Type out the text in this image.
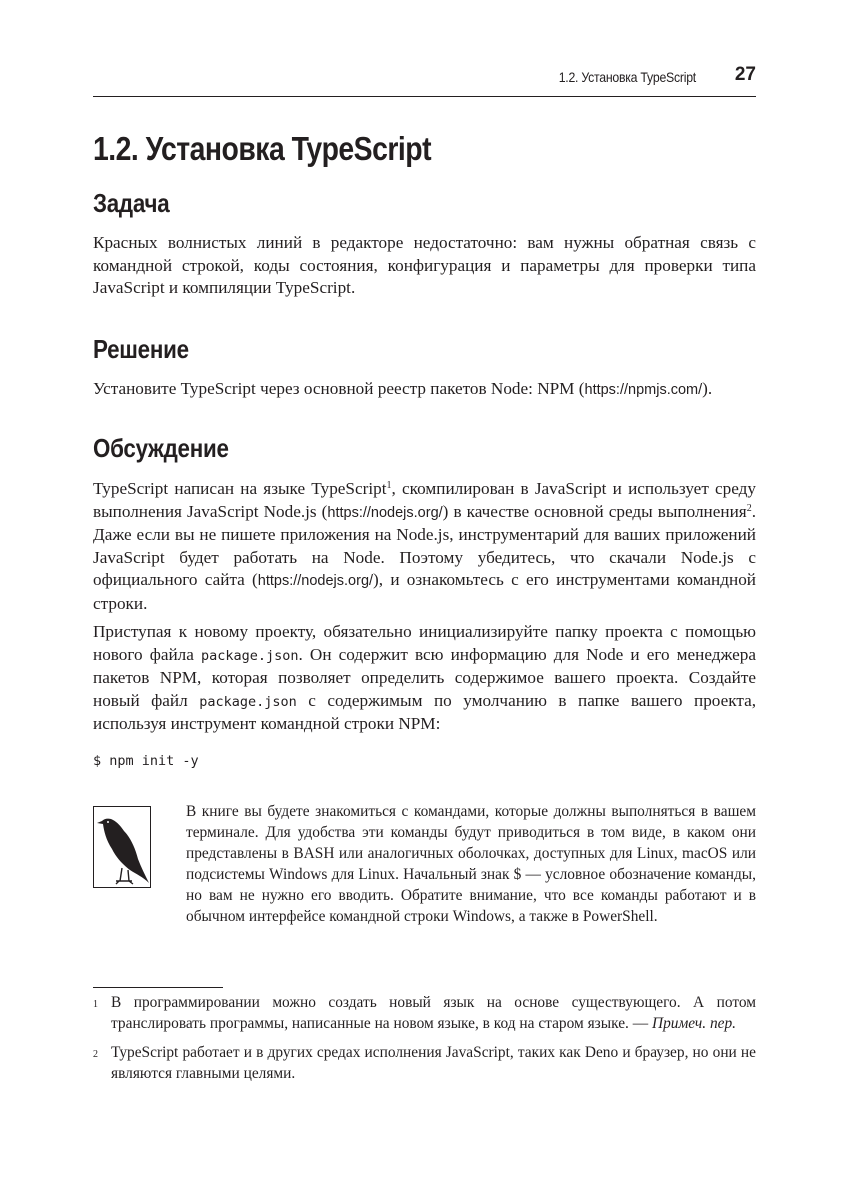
1.2. Установка TypeScript 27
1.2. Установка TypeScript
Задача

Красных волнистых линий в редакторе недостаточно: вам нужны обратная связь с командной строкой, коды состояния, конфигурация и параметры для проверки типа JavaScript и компиляции TypeScript.

Решение

Установите TypeScript через основной реестр пакетов Node: NPM (https://npmjs.com/).

Обсуждение

TypeScript написан на языке TypeScript$^1$, скомпилирован в JavaScript и использует среду выполнения JavaScript Node.js (https://nodejs.org/) в качестве основной среды выполнения$^2$. Даже если вы не пишете приложения на Node.js, инструментарий для ваших приложений JavaScript будет работать на Node. Поэтому убедитесь, что скачали Node.js с официального сайта (https://nodejs.org/), и ознакомьтесь с его инструментами командной строки.

Приступая к новому проекту, обязательно инициализируйте папку проекта с помощью нового файла package.json. Он содержит всю информацию для Node и его менеджера пакетов NPM, которая позволяет определить содержимое вашего проекта. Создайте новый файл package.json с содержимым по умолчанию в папке вашего проекта, используя инструмент командной строки NPM:

$ npm init -y

В книге вы будете знакомиться с командами, которые должны выполняться в вашем терминале. Для удобства эти команды будут приводиться в том виде, в каком они представлены в BASH или аналогичных оболочках, доступных для Linux, macOS или подсистемы Windows для Linux. Начальный знак $ — условное обозначение команды, но вам не нужно его вводить. Обратите внимание, что все команды работают и в обычном интерфейсе командной строки Windows, а также в PowerShell.

1 В программировании можно создать новый язык на основе существующего. А потом транслировать программы, написанные на новом языке, в код на старом языке. — Примеч. пер.

2 TypeScript работает и в других средах исполнения JavaScript, таких как Deno и браузер, но они не являются главными целями.
